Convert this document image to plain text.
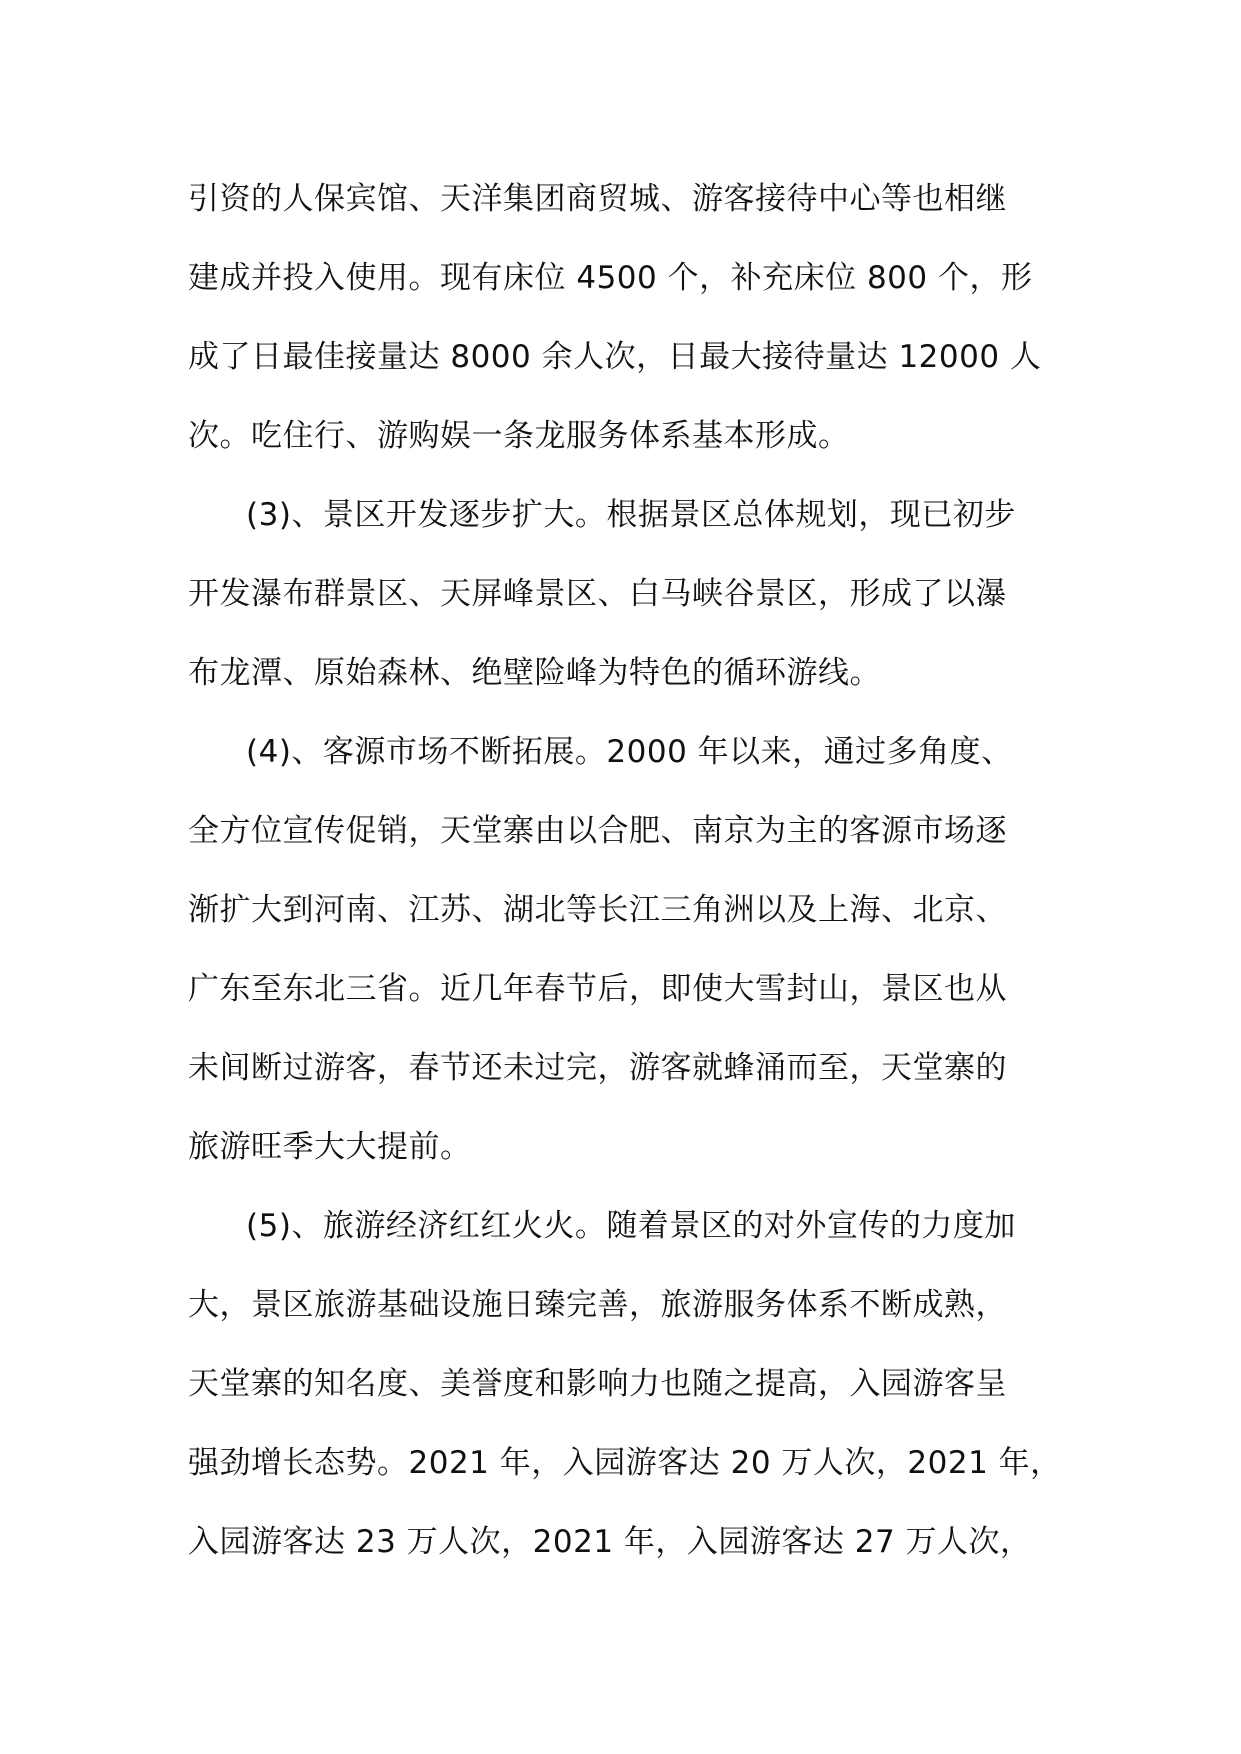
引资的人保宾馆、天洋集团商贸城、游客接待中心等也相继
建成并投入使用。现有床位 4500 个，补充床位 800 个，形
成了日最佳接量达 8000 余人次，日最大接待量达 12000 人
次。吃住行、游购娱一条龙服务体系基本形成。
(3)、景区开发逐步扩大。根据景区总体规划，现已初步
开发瀑布群景区、天屏峰景区、白马峡谷景区，形成了以瀑
布龙潭、原始森林、绝壁险峰为特色的循环游线。
(4)、客源市场不断拓展。2000 年以来，通过多角度、
全方位宣传促销，天堂寨由以合肥、南京为主的客源市场逐
渐扩大到河南、江苏、湖北等长江三角洲以及上海、北京、
广东至东北三省。近几年春节后，即使大雪封山，景区也从
未间断过游客，春节还未过完，游客就蜂涌而至，天堂寨的
旅游旺季大大提前。
(5)、旅游经济红红火火。随着景区的对外宣传的力度加
大，景区旅游基础设施日臻完善，旅游服务体系不断成熟，
天堂寨的知名度、美誉度和影响力也随之提高，入园游客呈
强劲增长态势。2021 年，入园游客达 20 万人次，2021 年，
入园游客达 23 万人次，2021 年，入园游客达 27 万人次，
